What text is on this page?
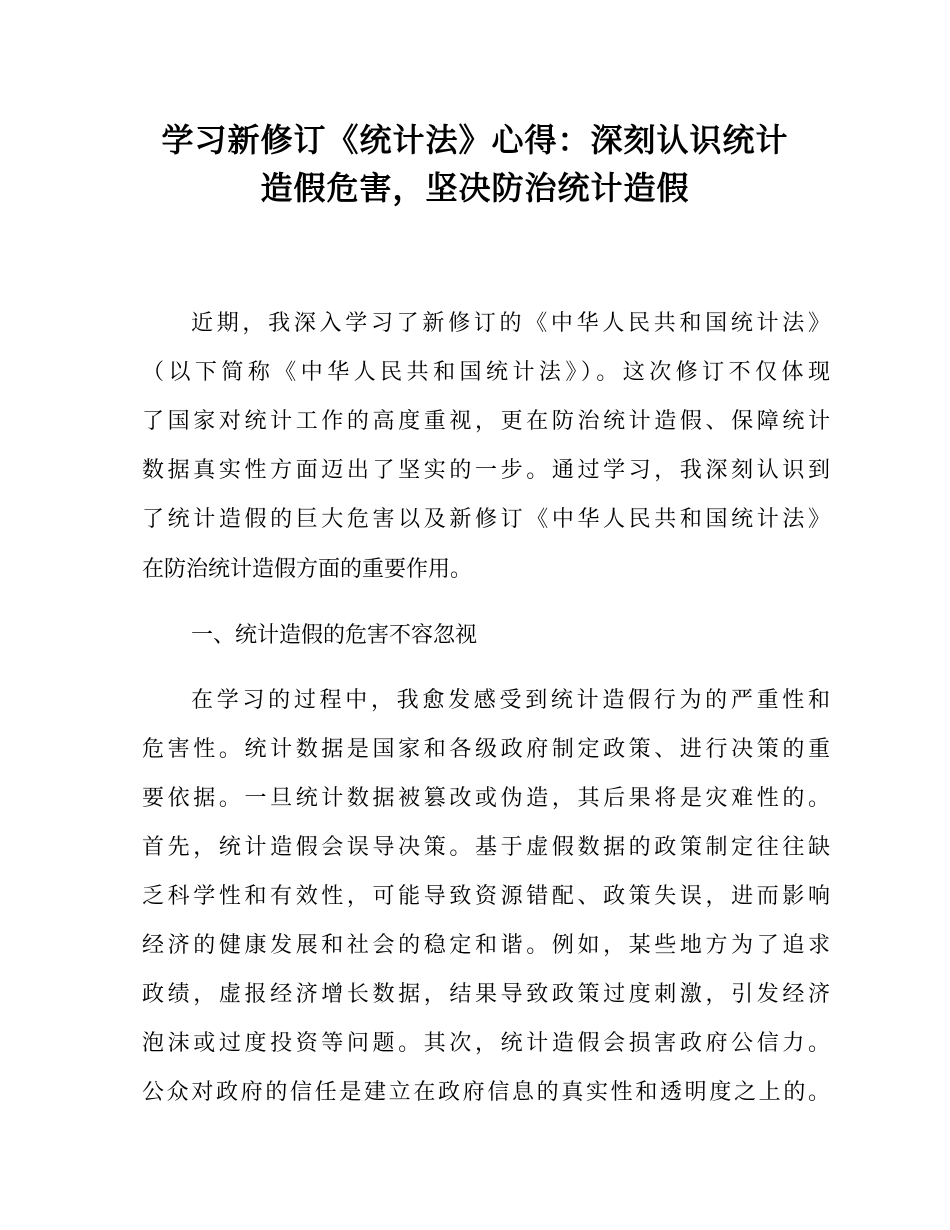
学习新修订《统计法》心得：深刻认识统计
造假危害，坚决防治统计造假
近期，我深入学习了新修订的《中华人民共和国统计法》
（以下简称《中华人民共和国统计法》）。这次修订不仅体现
了国家对统计工作的高度重视，更在防治统计造假、保障统计
数据真实性方面迈出了坚实的一步。通过学习，我深刻认识到
了统计造假的巨大危害以及新修订《中华人民共和国统计法》
在防治统计造假方面的重要作用。
一、统计造假的危害不容忽视
在学习的过程中，我愈发感受到统计造假行为的严重性和
危害性。统计数据是国家和各级政府制定政策、进行决策的重
要依据。一旦统计数据被篡改或伪造，其后果将是灾难性的。
首先，统计造假会误导决策。基于虚假数据的政策制定往往缺
乏科学性和有效性，可能导致资源错配、政策失误，进而影响
经济的健康发展和社会的稳定和谐。例如，某些地方为了追求
政绩，虚报经济增长数据，结果导致政策过度刺激，引发经济
泡沫或过度投资等问题。其次，统计造假会损害政府公信力。
公众对政府的信任是建立在政府信息的真实性和透明度之上的。
